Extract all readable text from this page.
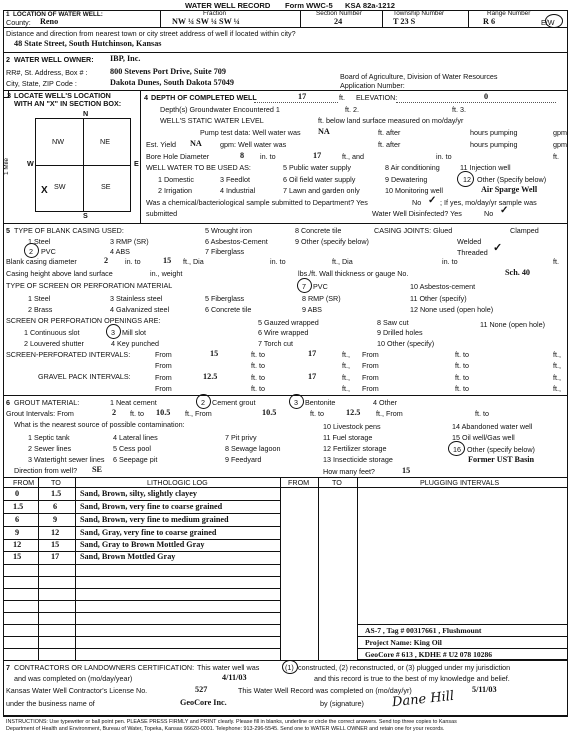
WATER WELL RECORD Form WWC-5 KSA 82a-1212
1 LOCATION OF WATER WELL:
County: Reno
Fraction
NW ¼ SW ¼ SW ¼
Section Number
24
Township Number
T 23 S
Range Number
R 6	E/W
Distance and direction from nearest town or city street address of well if located within city?
48 State Street, South Hutchinson, Kansas
2 WATER WELL OWNER: IBP, Inc.
RR#, St. Address, Box # :	800 Stevens Port Drive, Suite 709
City, State, ZIP Code :	Dakota Dunes, South Dakota 57049
Board of Agriculture, Division of Water Resources
Application Number:
3 LOCATE WELL'S LOCATION
WITH AN "X" IN SECTION BOX:
N
S
W	E
1 Mile
NW	NE
SW	SE
X
4 DEPTH OF COMPLETED WELL	17	ft. ELEVATION:	0
Depth(s) Groundwater Encountered 1	ft. 2.	ft. 3.
WELL'S STATIC WATER LEVEL	ft. below land surface measured on mo/day/yr
Pump test data: Well water was NA	ft. after	hours pumping	gpm
Est. Yield NA	gpm: Well water was	ft. after	hours pumping	gpm
Bore Hole Diameter	8 in. to	17	ft., and	in. to	ft.
WELL WATER TO BE USED AS:	5 Public water supply	8 Air conditioning	11 Injection well
1 Domestic	3 Feedlot	6 Oil field water supply	9 Dewatering	12 Other (Specify below)
2 Irrigation	4 Industrial	7 Lawn and garden only	10 Monitoring well	Air Sparge Well
Was a chemical/bacteriological sample submitted to Department? Yes	No ✓ ; If yes, mo/day/yr sample was
submitted	Water Well Disinfected? Yes	No ✓
5 TYPE OF BLANK CASING USED:	5 Wrought iron	8 Concrete tile	CASING JOINTS: Glued	Clamped
1 Steel	3 RMP (SR)	6 Asbestos-Cement	9 Other (specify below)	Welded
2 PVC	4 ABS	7 Fiberglass	Threaded ✓
Blank casing diameter	2 in. to	15 ft., Dia	in. to	ft., Dia	in. to	ft.
Casing height above land surface	in., weight	lbs./ft. Wall thickness or gauge No.	Sch. 40
TYPE OF SCREEN OR PERFORATION MATERIAL	7 PVC	10 Asbestos-cement
1 Steel	3 Stainless steel	5 Fiberglass	8 RMP (SR)	11 Other (specify)
2 Brass	4 Galvanized steel	6 Concrete tile	9 ABS	12 None used (open hole)
SCREEN OR PERFORATION OPENINGS ARE:	5 Gauzed wrapped	8 Saw cut	11 None (open hole)
1 Continuous slot	3 Mill slot	6 Wire wrapped	9 Drilled holes
2 Louvered shutter	4 Key punched	7 Torch cut	10 Other (specify)
SCREEN-PERFORATED INTERVALS:	From	15	ft. to	17	ft., From	ft. to	ft.,
From	ft. to	ft., From	ft. to	ft.,
GRAVEL PACK INTERVALS:	From	12.5	ft. to	17	ft., From	ft. to	ft.,
From	ft. to	ft., From	ft. to	ft.,
6 GROUT MATERIAL:	1 Neat cement	2 Cement grout	3 Bentonite	4 Other
Grout Intervals: From	2 ft. to 10.5 ft., From	10.5	ft. to	12.5 ft., From	ft. to
What is the nearest source of possible contamination:	10 Livestock pens	14 Abandoned water well
1 Septic tank	4 Lateral lines	7 Pit privy	11 Fuel storage	15 Oil well/Gas well
2 Sewer lines	5 Cess pool	8 Sewage lagoon	12 Fertilizer storage	16 Other (specify below)
3 Watertight sewer lines 6 Seepage pit	9 Feedyard	13 Insecticide storage	Former UST Basin
Direction from well? SE	How many feet?	15
FROM TO	LITHOLOGIC LOG	FROM	TO	PLUGGING INTERVALS
0	1.5 Sand, Brown, silty, slightly clayey
1.5	6	Sand, Brown, very fine to coarse grained
6	9	Sand, Brown, very fine to medium grained
9	12	Sand, Gray, very fine to coarse grained
12	15	Sand, Gray to Brown Mottled Gray
15	17	Sand, Brown Mottled Gray
AS-7 , Tag # 00317661 , Flushmount
Project Name: King Oil
GeoCore # 613 , KDHE # U2 078 10286
7 CONTRACTORS OR LANDOWNERS CERTIFICATION: This water well was	(1) constructed, (2) reconstructed, or (3) plugged under my jurisdiction
and was completed on (mo/day/year)	4/11/03	and this record is true to the best of my knowledge and belief.
Kansas Water Well Contractor's License No.	527	This Water Well Record was completed on (mo/day/yr)	5/11/03
under the business name of	GeoCore Inc.	by (signature) Dane Hill
INSTRUCTIONS: Use typewriter or ball point pen. PLEASE PRESS FIRMLY and PRINT clearly. Please fill in blanks, underline or circle the correct answers. Send top three copies to Kansas
Department of Health and Environment, Bureau of Water, Topeka, Kansas 66620-0001. Telephone: 913-296-5545. Send one to WATER WELL OWNER and retain one for your records.
